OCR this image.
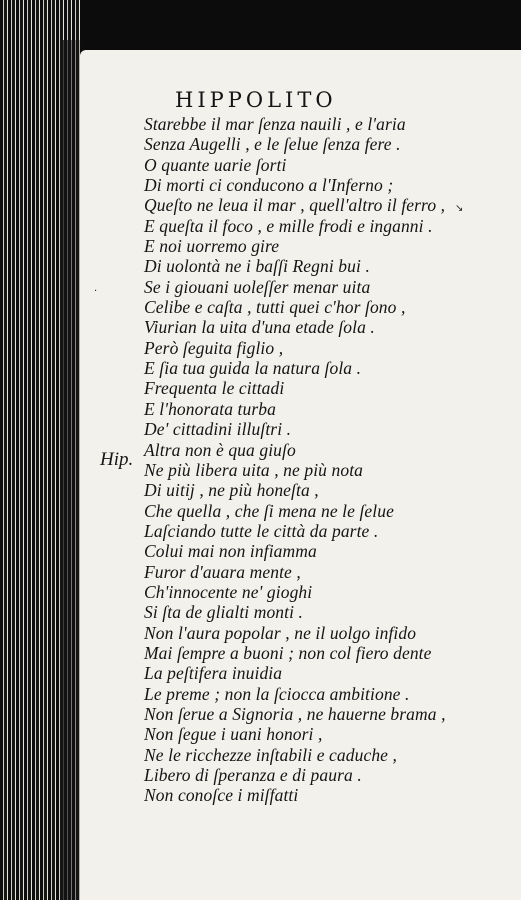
HIPPOLITO
Hip.
Starebbe il mar ſenza nauili , e l'aria
Senza Augelli , e le ſelue ſenza fere .
O quante uarie ſorti
Di morti ci conducono a l'Inferno ;
Queſto ne leua il mar , quell'altro il ferro ,
E queſta il foco , e mille frodi e inganni .
E noi uorremo gire
Di uolontà ne i baſſi Regni bui .
Se i giouani uoleſſer menar uita
Celibe e caſta , tutti quei c'hor ſono ,
Viurian la uita d'una etade ſola .
Però ſeguita figlio ,
E ſia tua guida la natura ſola .
Frequenta le cittadi
E l'honorata turba
De' cittadini illuſtri .
Altra non è qua giuſo
Ne più libera uita , ne più nota
Di uitij , ne più honeſta ,
Che quella , che ſi mena ne le ſelue
Laſciando tutte le città da parte .
Colui mai non infiamma
Furor d'auara mente ,
Ch'innocente ne' gioghi
Si ſta de glialti monti .
Non l'aura popolar , ne il uolgo infido
Mai ſempre a buoni ; non col fiero dente
La peſtifera inuidia
Le preme ; non la ſciocca ambitione .
Non ſerue a Signoria , ne hauerne brama ,
Non ſegue i uani honori ,
Ne le ricchezze inſtabili e caduche ,
Libero di ſperanza e di paura .
Non conoſce i miſfatti
↘
·
